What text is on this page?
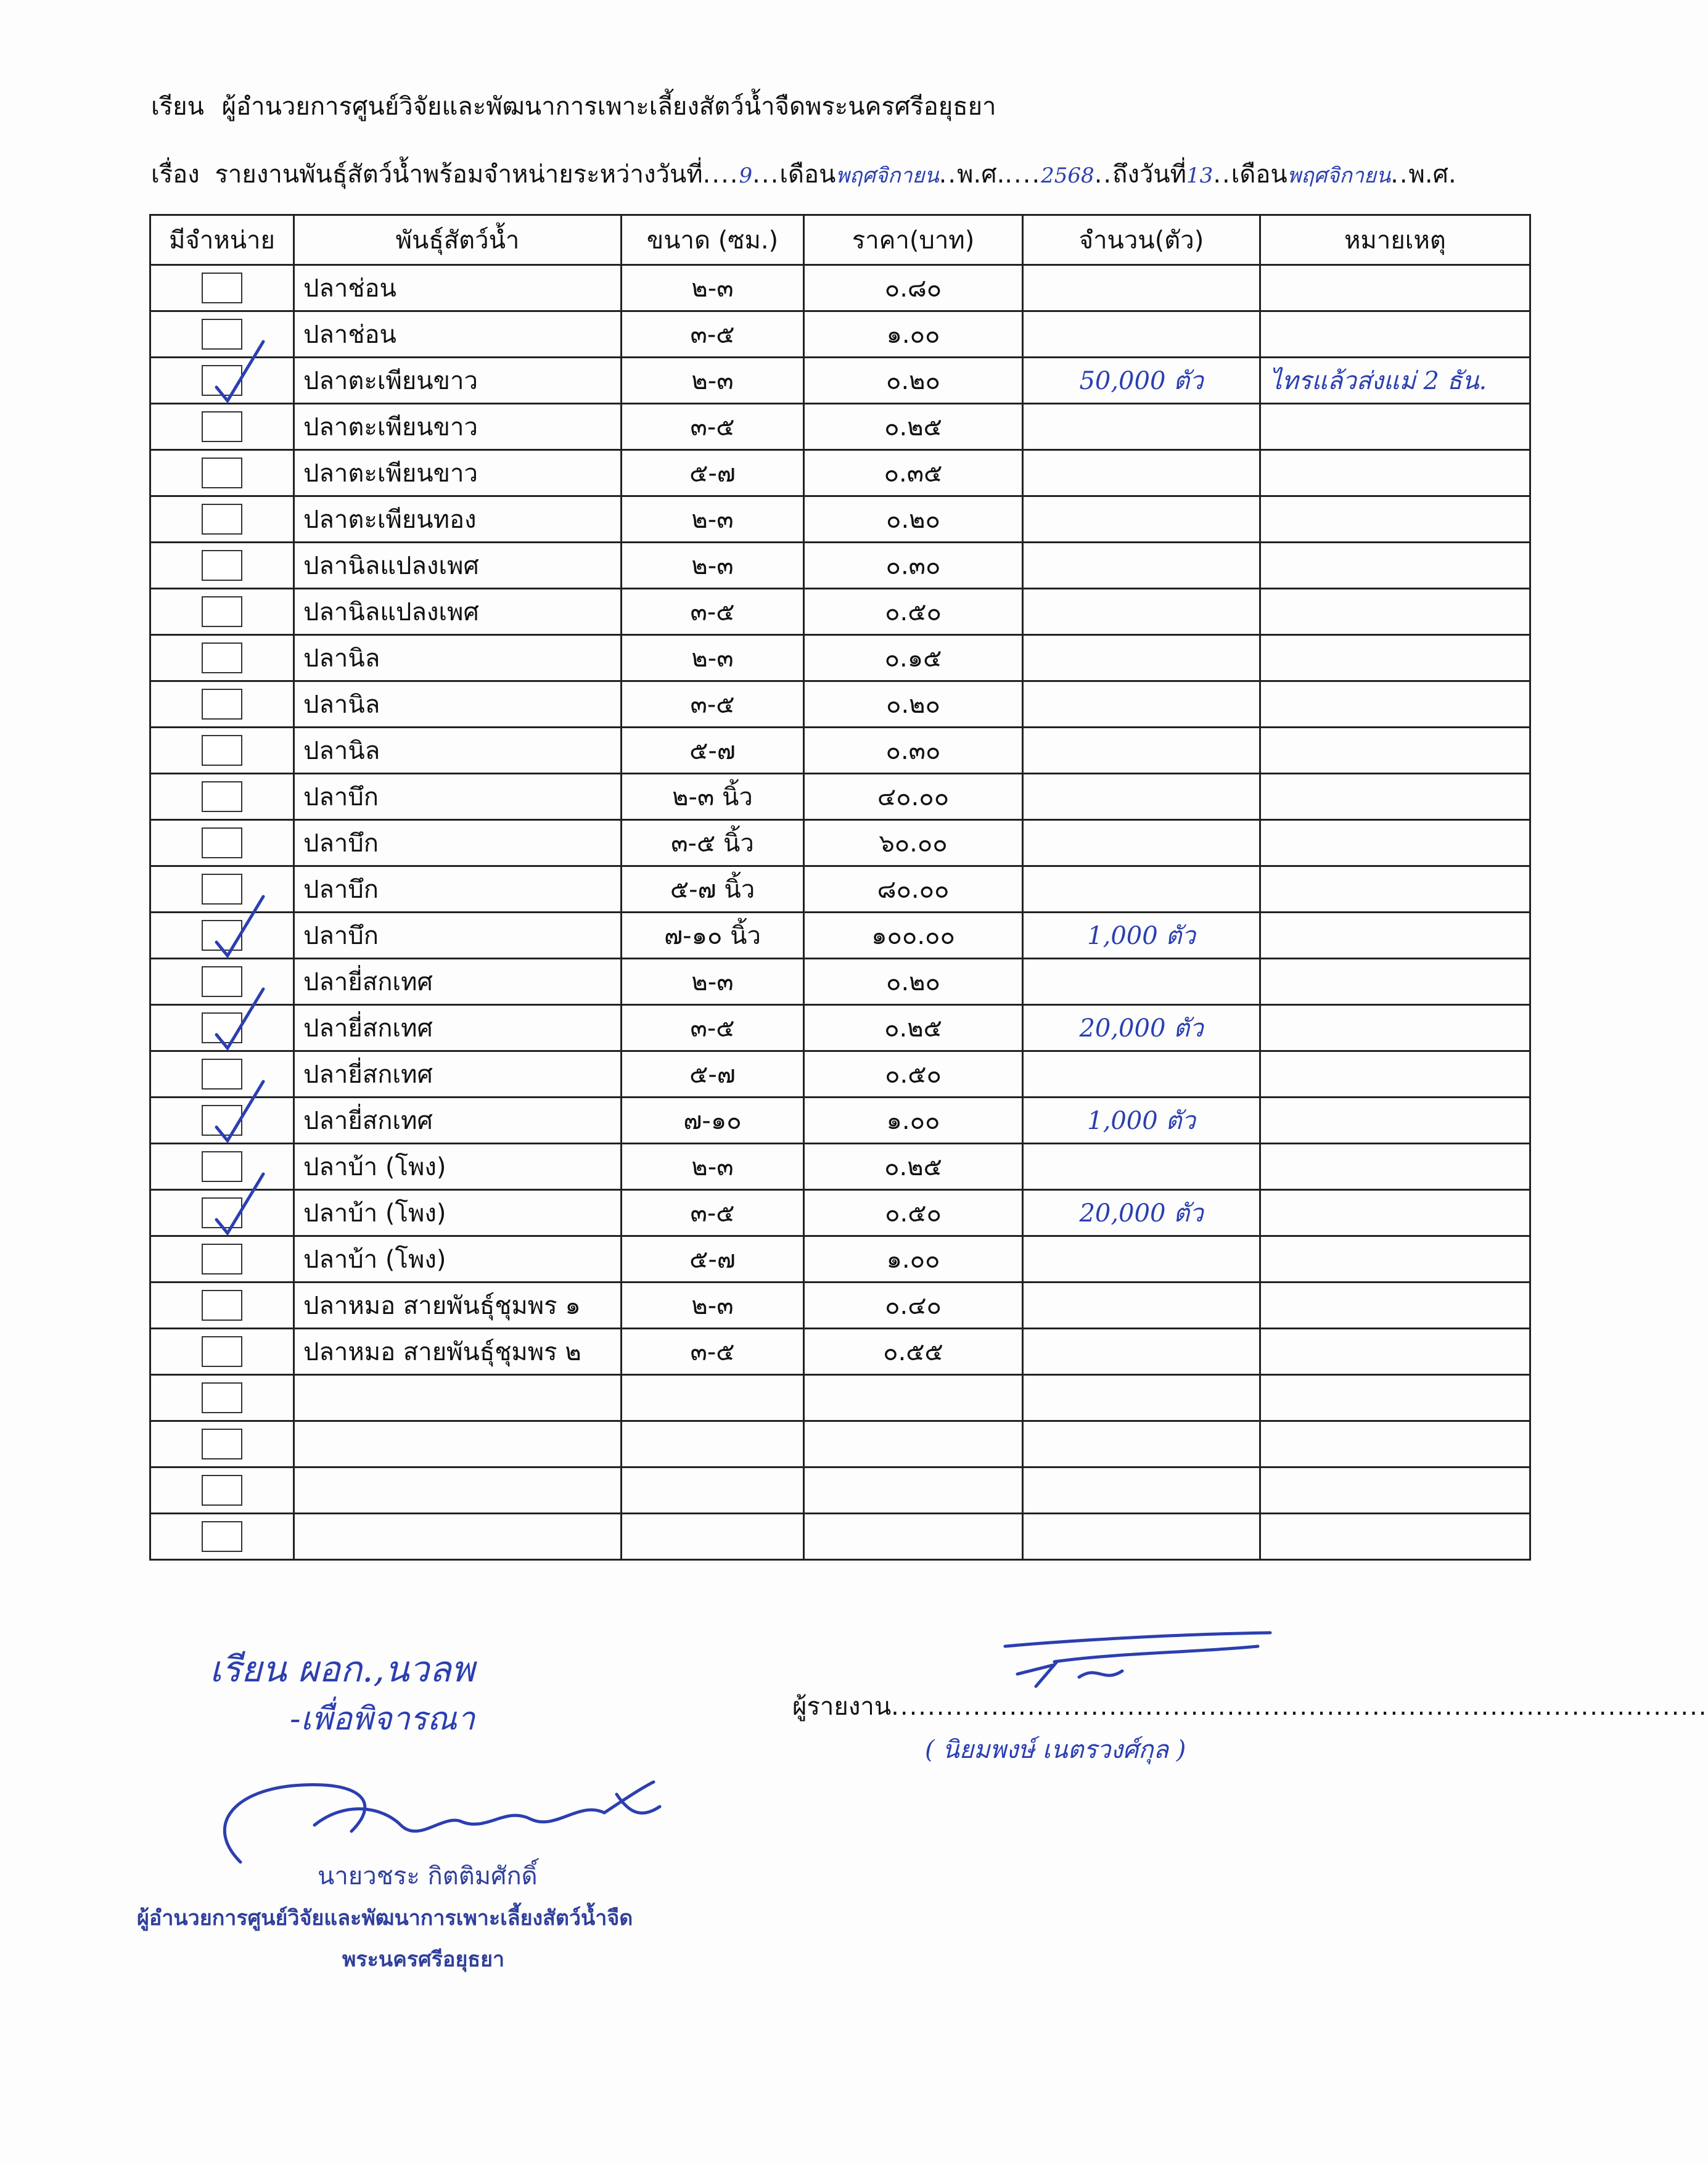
เรียน ผู้อำนวยการศูนย์วิจัยและพัฒนาการเพาะเลี้ยงสัตว์น้ำจืดพระนครศรีอยุธยา
เรื่อง รายงานพันธุ์สัตว์น้ำพร้อมจำหน่ายระหว่างวันที่....9...เดือนพฤศจิกายน..พ.ศ.....2568..ถึงวันที่13..เดือนพฤศจิกายน..พ.ศ.
มีจำหน่าย	พันธุ์สัตว์น้ำ	ขนาด (ซม.)	ราคา(บาท)	จำนวน(ตัว)	หมายเหตุ
	ปลาช่อน	๒-๓	๐.๘๐		
	ปลาช่อน	๓-๕	๑.๐๐		

	ปลาตะเพียนขาว	๒-๓	๐.๒๐	50,000 ตัว	ไทรแล้วส่งแม่ 2 ธัน.
	ปลาตะเพียนขาว	๓-๕	๐.๒๕		
	ปลาตะเพียนขาว	๕-๗	๐.๓๕		
	ปลาตะเพียนทอง	๒-๓	๐.๒๐		
	ปลานิลแปลงเพศ	๒-๓	๐.๓๐		
	ปลานิลแปลงเพศ	๓-๕	๐.๕๐		
	ปลานิล	๒-๓	๐.๑๕		
	ปลานิล	๓-๕	๐.๒๐		
	ปลานิล	๕-๗	๐.๓๐		
	ปลาบึก	๒-๓ นิ้ว	๔๐.๐๐		
	ปลาบึก	๓-๕ นิ้ว	๖๐.๐๐		
	ปลาบึก	๕-๗ นิ้ว	๘๐.๐๐		

	ปลาบึก	๗-๑๐ นิ้ว	๑๐๐.๐๐	1,000 ตัว	
	ปลายี่สกเทศ	๒-๓	๐.๒๐		

	ปลายี่สกเทศ	๓-๕	๐.๒๕	20,000 ตัว	
	ปลายี่สกเทศ	๕-๗	๐.๕๐		

	ปลายี่สกเทศ	๗-๑๐	๑.๐๐	1,000 ตัว	
	ปลาบ้า (โพง)	๒-๓	๐.๒๕		

	ปลาบ้า (โพง)	๓-๕	๐.๕๐	20,000 ตัว	
	ปลาบ้า (โพง)	๕-๗	๑.๐๐		
	ปลาหมอ สายพันธุ์ชุมพร ๑	๒-๓	๐.๔๐		
	ปลาหมอ สายพันธุ์ชุมพร ๒	๓-๕	๐.๕๕		

เรียน ผอก.,นวลพ
-เพื่อพิจารณา	ผู้รายงาน..........................................................................................
( นิยมพงษ์ เนตรวงศ์กุล )
นายวชระ กิตติมศักดิ์
ผู้อำนวยการศูนย์วิจัยและพัฒนาการเพาะเลี้ยงสัตว์น้ำจืด
พระนครศรีอยุธยา
